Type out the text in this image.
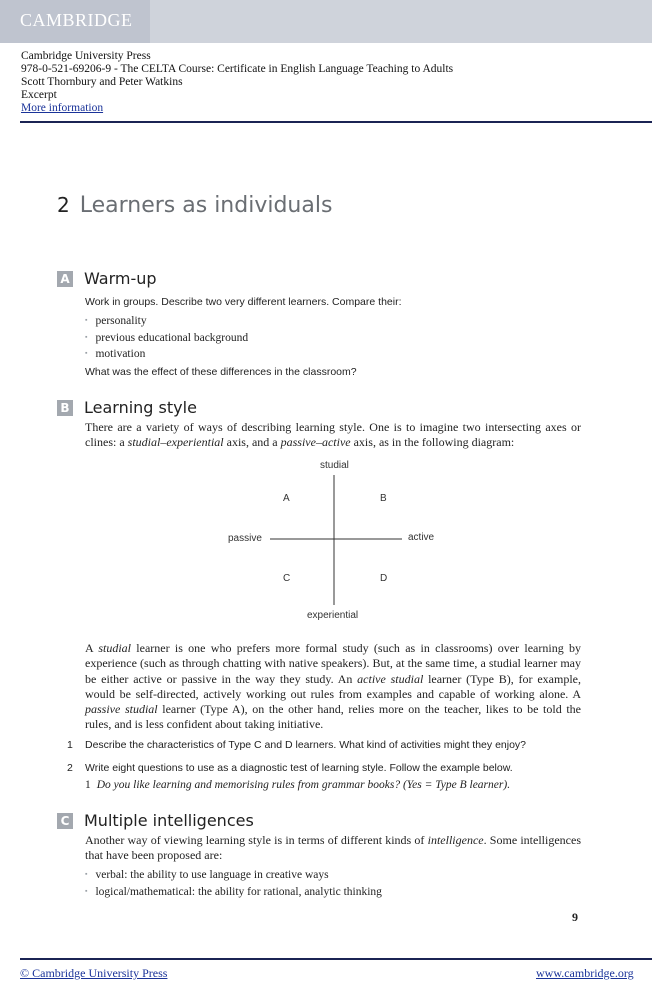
CAMBRIDGE
Cambridge University Press
978-0-521-69206-9 - The CELTA Course: Certificate in English Language Teaching to Adults
Scott Thornbury and Peter Watkins
Excerpt
More information
2 Learners as individuals
A Warm-up
Work in groups. Describe two very different learners. Compare their:
▪ personality
▪ previous educational background
▪ motivation
What was the effect of these differences in the classroom?
B Learning style
There are a variety of ways of describing learning style. One is to imagine two intersecting axes or clines: a studial–experiential axis, and a passive–active axis, as in the following diagram:
studial
experiential
passive	active
A	B
C	D
A studial learner is one who prefers more formal study (such as in classrooms) over learning by experience (such as through chatting with native speakers). But, at the same time, a studial learner may be either active or passive in the way they study. An active studial learner (Type B), for example, would be self-directed, actively working out rules from examples and capable of working alone. A passive studial learner (Type A), on the other hand, relies more on the teacher, likes to be told the rules, and is less confident about taking initiative.
1 Describe the characteristics of Type C and D learners. What kind of activities might they enjoy?
2 Write eight questions to use as a diagnostic test of learning style. Follow the example below.
1 Do you like learning and memorising rules from grammar books? (Yes = Type B learner).
C Multiple intelligences
Another way of viewing learning style is in terms of different kinds of intelligence. Some intelligences that have been proposed are:
▪ verbal: the ability to use language in creative ways
▪ logical/mathematical: the ability for rational, analytic thinking
9
© Cambridge University Press	www.cambridge.org
